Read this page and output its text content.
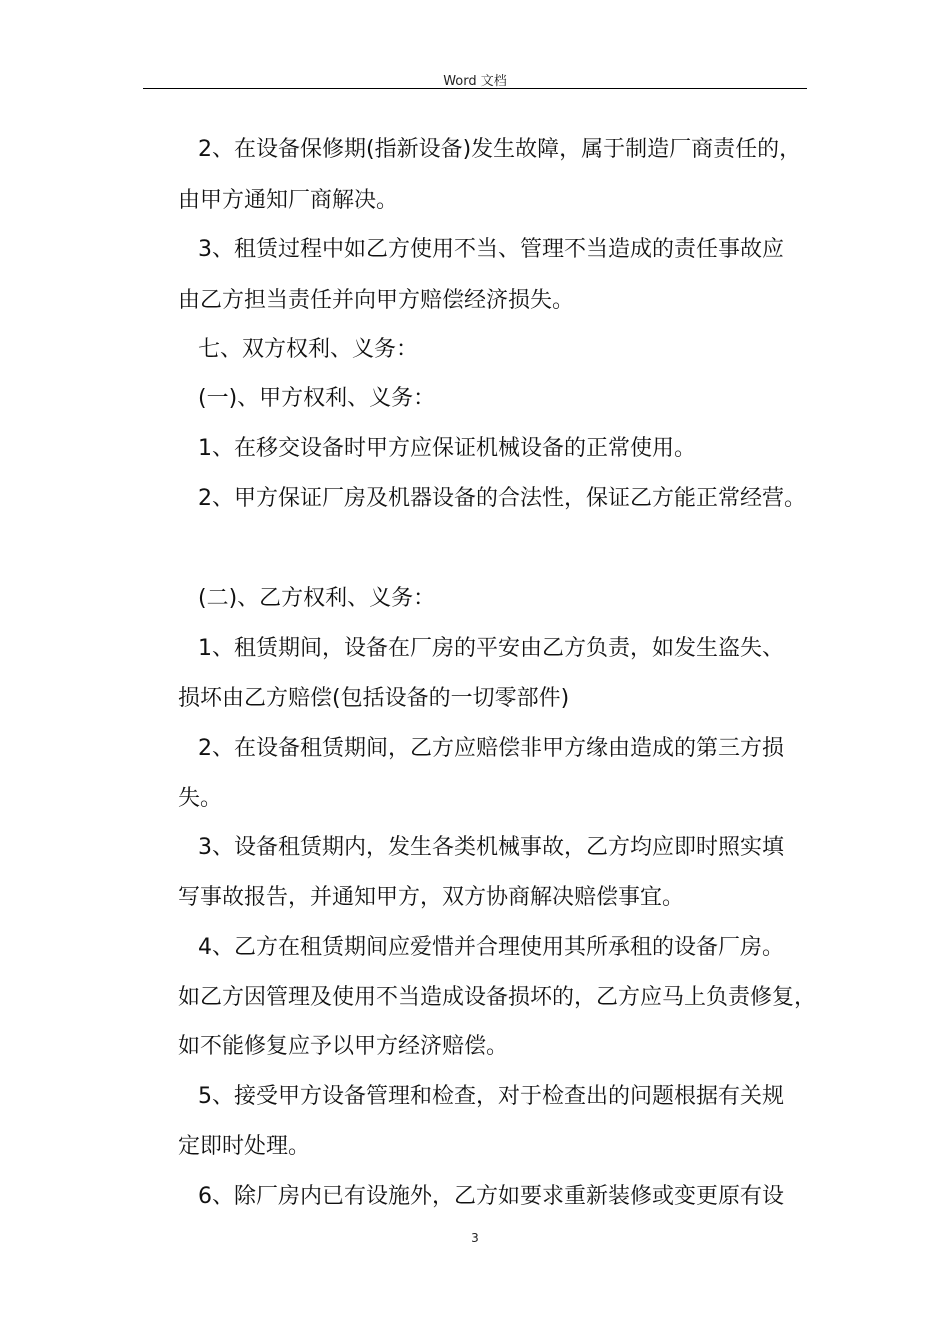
Word 文档
2、在设备保修期(指新设备)发生故障，属于制造厂商责任的，
由甲方通知厂商解决。
3、租赁过程中如乙方使用不当、管理不当造成的责任事故应
由乙方担当责任并向甲方赔偿经济损失。
七、双方权利、义务：
(一)、甲方权利、义务：
1、在移交设备时甲方应保证机械设备的正常使用。
2、甲方保证厂房及机器设备的合法性，保证乙方能正常经营。
(二)、乙方权利、义务：
1、租赁期间，设备在厂房的平安由乙方负责，如发生盗失、
损坏由乙方赔偿(包括设备的一切零部件)
2、在设备租赁期间，乙方应赔偿非甲方缘由造成的第三方损
失。
3、设备租赁期内，发生各类机械事故，乙方均应即时照实填
写事故报告，并通知甲方，双方协商解决赔偿事宜。
4、乙方在租赁期间应爱惜并合理使用其所承租的设备厂房。
如乙方因管理及使用不当造成设备损坏的，乙方应马上负责修复，
如不能修复应予以甲方经济赔偿。
5、接受甲方设备管理和检查，对于检查出的问题根据有关规
定即时处理。
6、除厂房内已有设施外，乙方如要求重新装修或变更原有设
3
